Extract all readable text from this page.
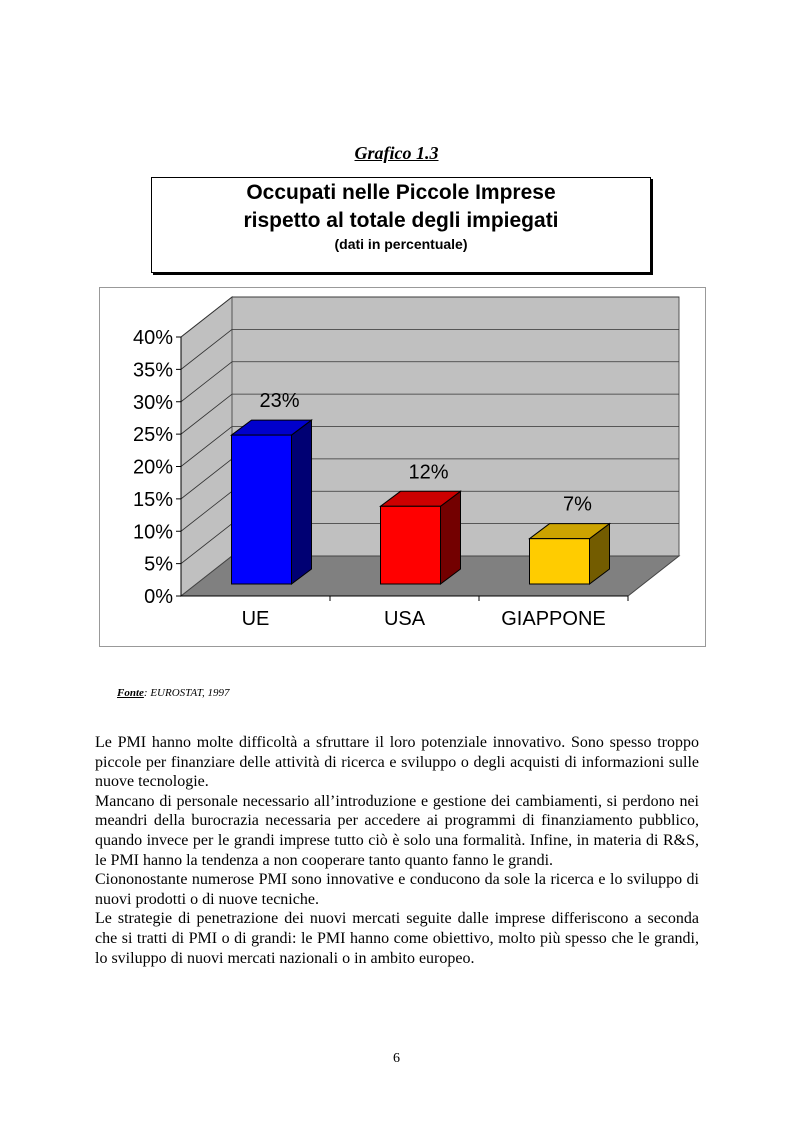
Grafico 1.3
Occupati nelle Piccole Imprese
rispetto al totale degli impiegati
(dati in percentuale)
23%
12%
7%
0%
5%
10%
15%
20%
25%
30%
35%
40%
UE	USA	GIAPPONE
Fonte: EUROSTAT, 1997

Le PMI hanno molte difficoltà a sfruttare il loro potenziale innovativo. Sono spesso troppo piccole per finanziare delle attività di ricerca e sviluppo o degli acquisti di informazioni sulle nuove tecnologie.

Mancano di personale necessario all’introduzione e gestione dei cambiamenti, si perdono nei meandri della burocrazia necessaria per accedere ai programmi di finanziamento pubblico, quando invece per le grandi imprese tutto ciò è solo una formalità. Infine, in materia di R&S, le PMI hanno la tendenza a non cooperare tanto quanto fanno le grandi.

Ciononostante numerose PMI sono innovative e conducono da sole la ricerca e lo sviluppo di nuovi prodotti o di nuove tecniche.

Le strategie di penetrazione dei nuovi mercati seguite dalle imprese differiscono a seconda che si tratti di PMI o di grandi: le PMI hanno come obiettivo, molto più spesso che le grandi, lo sviluppo di nuovi mercati nazionali o in ambito europeo.

6
